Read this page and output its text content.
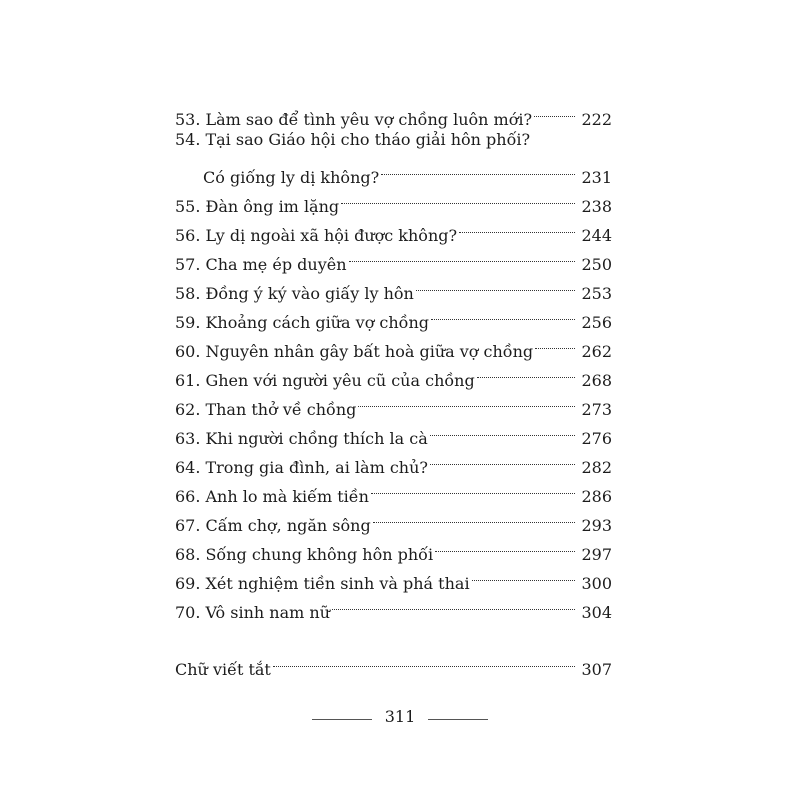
53. Làm sao để tình yêu vợ chồng luôn mới?	222
54. Tại sao Giáo hội cho tháo giải hôn phối?
Có giống ly dị không?	231
55. Đàn ông im lặng	238
56. Ly dị ngoài xã hội được không?	244
57. Cha mẹ ép duyên	250
58. Đồng ý ký vào giấy ly hôn	253
59. Khoảng cách giữa vợ chồng	256
60. Nguyên nhân gây bất hoà giữa vợ chồng	262
61. Ghen với người yêu cũ của chồng	268
62. Than thở về chồng	273
63. Khi người chồng thích la cà	276
64. Trong gia đình, ai làm chủ?	282
66. Anh lo mà kiếm tiền	286
67. Cấm chợ, ngăn sông	293
68. Sống chung không hôn phối	297
69. Xét nghiệm tiền sinh và phá thai	300
70. Vô sinh nam nữ	304
Chữ viết tắt	307
311
